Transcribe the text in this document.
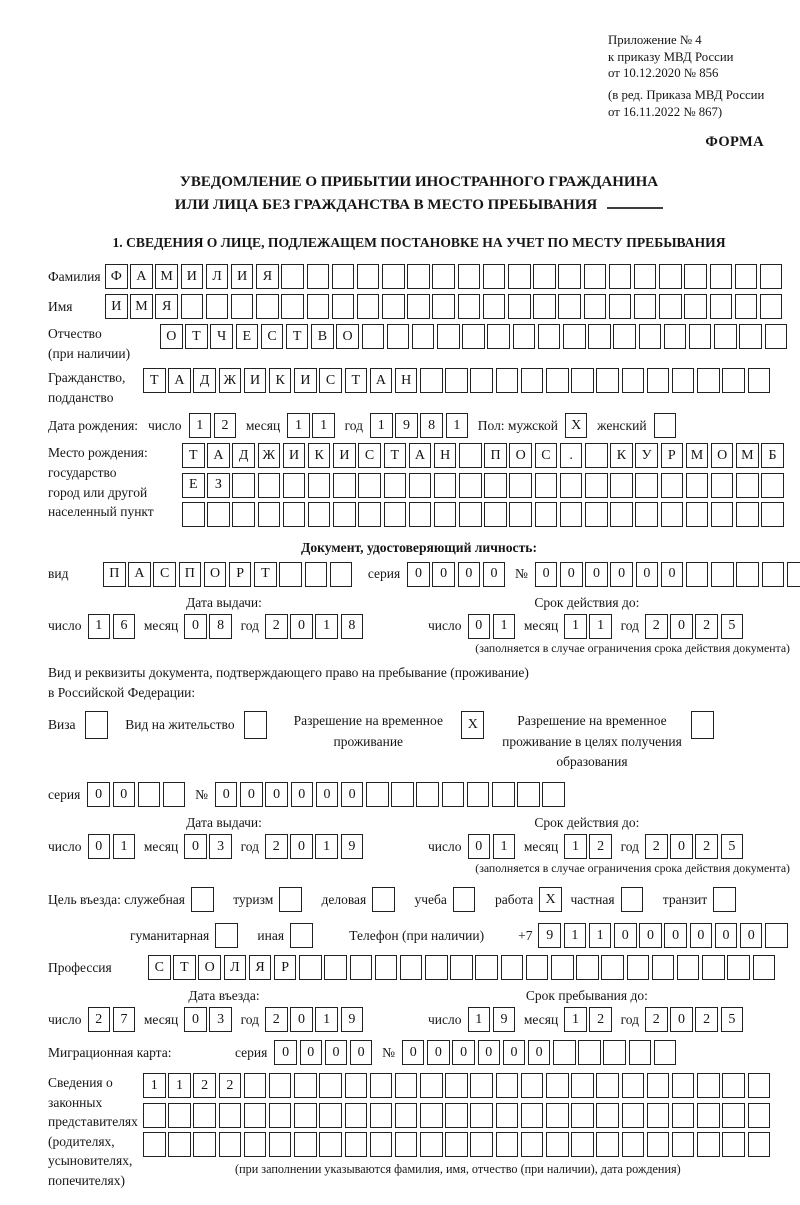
Приложение № 4
к приказу МВД России
от 10.12.2020 № 856
(в ред. Приказа МВД России
от 16.11.2022 № 867)
ФОРМА
УВЕДОМЛЕНИЕ О ПРИБЫТИИ ИНОСТРАННОГО ГРАЖДАНИНА
ИЛИ ЛИЦА БЕЗ ГРАЖДАНСТВА В МЕСТО ПРЕБЫВАНИЯ
1. СВЕДЕНИЯ О ЛИЦЕ, ПОДЛЕЖАЩЕМ ПОСТАНОВКЕ НА УЧЕТ ПО МЕСТУ ПРЕБЫВАНИЯ
Фамилия Ф	А М И	Л	И	Я
Имя	И М	Я
Отчество
(при наличии)
О	Т	Ч	Е	С	Т	В	О
Гражданство,
подданство
Т	А	Д	Ж И	К	И	С	Т	А	Н
Дата рождения: число	1	2	месяц	1	1	год	1	9	8	1	Пол: мужской X	женский
Место рождения:
государство
город или другой
населенный пункт
Т	А	Д	Ж И	К	И	С	Т	А	Н	П	О	С	.	К	У	Р	М О М	Б
Е	З
Документ, удостоверяющий личность:
вид	П	А	С	П	О	Р	Т	серия	0	0	0	0	№	0	0	0	0	0	0
Дата выдачи:
число 1	6	месяц 0	8	год 2	0	1	8
Срок действия до:
число 0	1	месяц 1	1	год 2	0	2	5
(заполняется в случае ограничения срока действия документа)
Вид и реквизиты документа, подтверждающего право на пребывание (проживание)
в Российской Федерации:
Виза	Вид на жительство	Разрешение на временное проживание
X	Разрешение на временное проживание в целях получения образования
серия	0	0	№	0	0	0	0	0	0
Дата выдачи:
число 0	1	месяц 0	3	год 2	0	1	9
Срок действия до:
число 0	1	месяц 1	2	год 2	0	2	5
(заполняется в случае ограничения срока действия документа)
Цель въезда: служебная	туризм	деловая	учеба	работа X	частная	транзит
гуманитарная	иная	Телефон (при наличии)	+7 9	1	1	0	0	0	0	0	0
Профессия	С	Т	О	Л	Я	Р
Дата въезда:
число 2	7	месяц 0	3	год 2	0	1	9
Срок пребывания до:
число 1	9	месяц 1	2	год 2	0	2	5
Миграционная карта:	серия	0	0	0	0	№	0	0	0	0	0	0
Сведения о
законных
представителях
(родителях,
усыновителях,
попечителях)
1	1	2	2
(при заполнении указываются фамилия, имя, отчество (при наличии), дата рождения)
